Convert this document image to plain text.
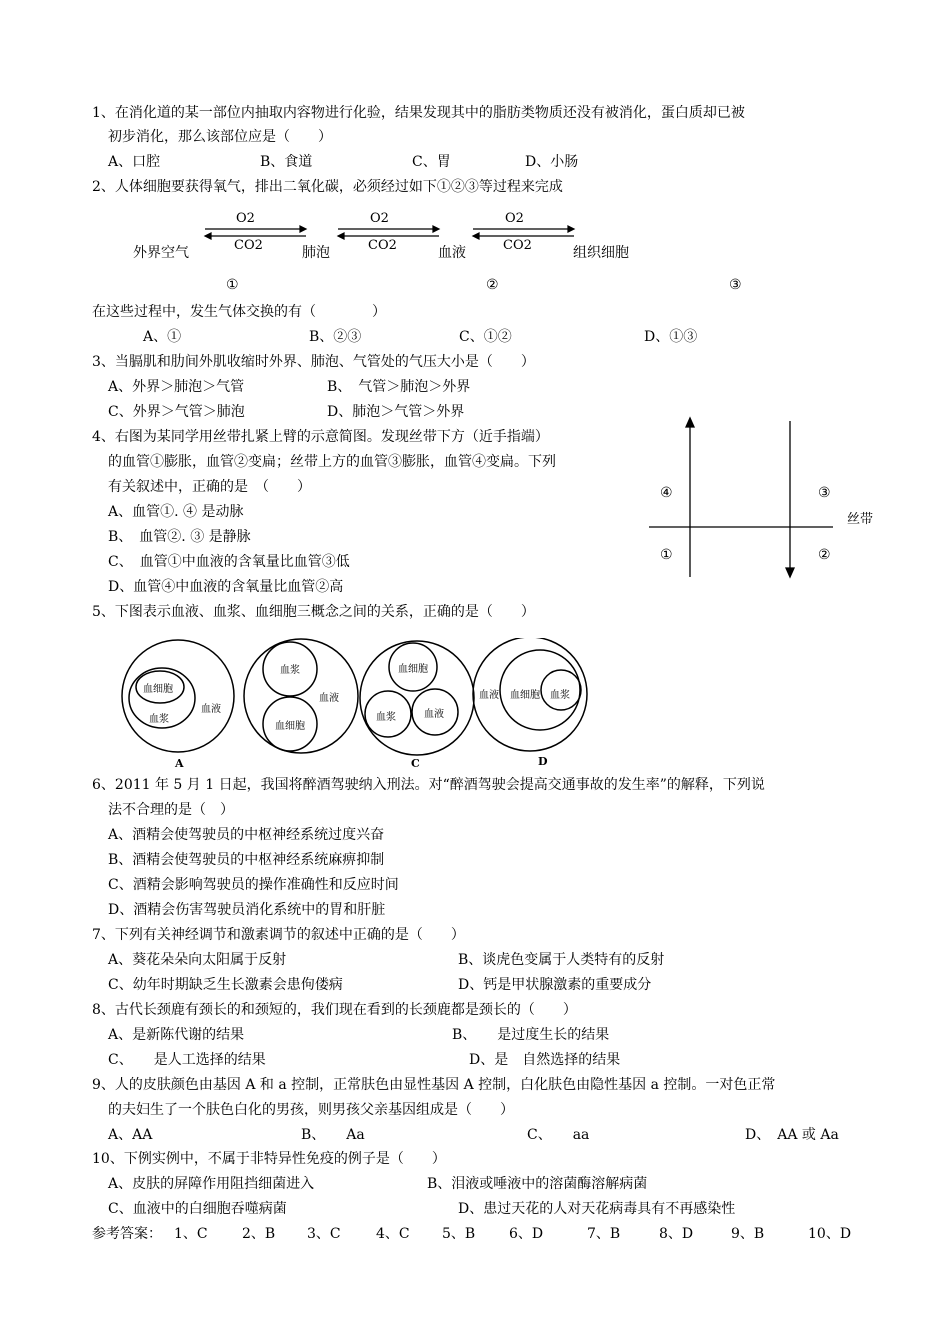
1、在消化道的某一部位内抽取内容物进行化验，结果发现其中的脂肪类物质还没有被消化，蛋白质却已被
初步消化，那么该部位应是（　　）
A、口腔	B、食道	C、胃	D、小肠
2、人体细胞要获得氧气，排出二氧化碳，必须经过如下①②③等过程来完成
O2
CO2
O2
CO2
O2
CO2
外界空气	肺泡	血液	组织细胞
①	②	③
在这些过程中，发生气体交换的有（　　　　）
A、①	B、②③	C、①②	D、①③
3、当膈肌和肋间外肌收缩时外界、肺泡、气管处的气压大小是（　　）
A、外界＞肺泡＞气管	B、　气管＞肺泡＞外界
C、外界＞气管＞肺泡	D、肺泡＞气管＞外界
4、右图为某同学用丝带扎紧上臂的示意简图。发现丝带下方（近手指端）
的血管①膨胀，血管②变扁；丝带上方的血管③膨胀，血管④变扁。下列
有关叙述中，正确的是　（　　）
A、血管①. ④ 是动脉
B、　血管②. ③ 是静脉
C、　血管①中血液的含氧量比血管③低
D、血管④中血液的含氧量比血管②高
④	③
①	②
丝带
5、下图表示血液、血浆、血细胞三概念之间的关系，正确的是（　　）
血细胞
血浆
血液
A
血浆
血液
血细胞
血细胞
血浆	血液
C
血液 血细胞 血浆
D
6、2011 年 5 月 1 日起，我国将醉酒驾驶纳入刑法。对“醉酒驾驶会提高交通事故的发生率”的解释，下列说
法不合理的是（　）
A、酒精会使驾驶员的中枢神经系统过度兴奋
B、酒精会使驾驶员的中枢神经系统麻痹抑制
C、酒精会影响驾驶员的操作准确性和反应时间
D、酒精会伤害驾驶员消化系统中的胃和肝脏
7、下列有关神经调节和激素调节的叙述中正确的是（　　）
A、葵花朵朵向太阳属于反射	B、谈虎色变属于人类特有的反射
C、幼年时期缺乏生长激素会患佝偻病	D、钙是甲状腺激素的重要成分
8、古代长颈鹿有颈长的和颈短的，我们现在看到的长颈鹿都是颈长的（　　）
A、是新陈代谢的结果	B、　　是过度生长的结果
C、　　是人工选择的结果	D、是　自然选择的结果
9、人的皮肤颜色由基因 A 和 a 控制，正常肤色由显性基因 A 控制，白化肤色由隐性基因 a 控制。一对色正常
的夫妇生了一个肤色白化的男孩，则男孩父亲基因组成是（　　）
A、AA	B、　　Aa	C、　　aa	D、　AA 或 Aa
10、下例实例中，不属于非特异性免疫的例子是（　　）
A、皮肤的屏障作用阻挡细菌进入	B、泪液或唾液中的溶菌酶溶解病菌
C、血液中的白细胞吞噬病菌	D、患过天花的人对天花病毒具有不再感染性
参考答案： 1、C 2、B 3、C	4、C 5、B 6、D	7、B	8、D	9、B	10、D
